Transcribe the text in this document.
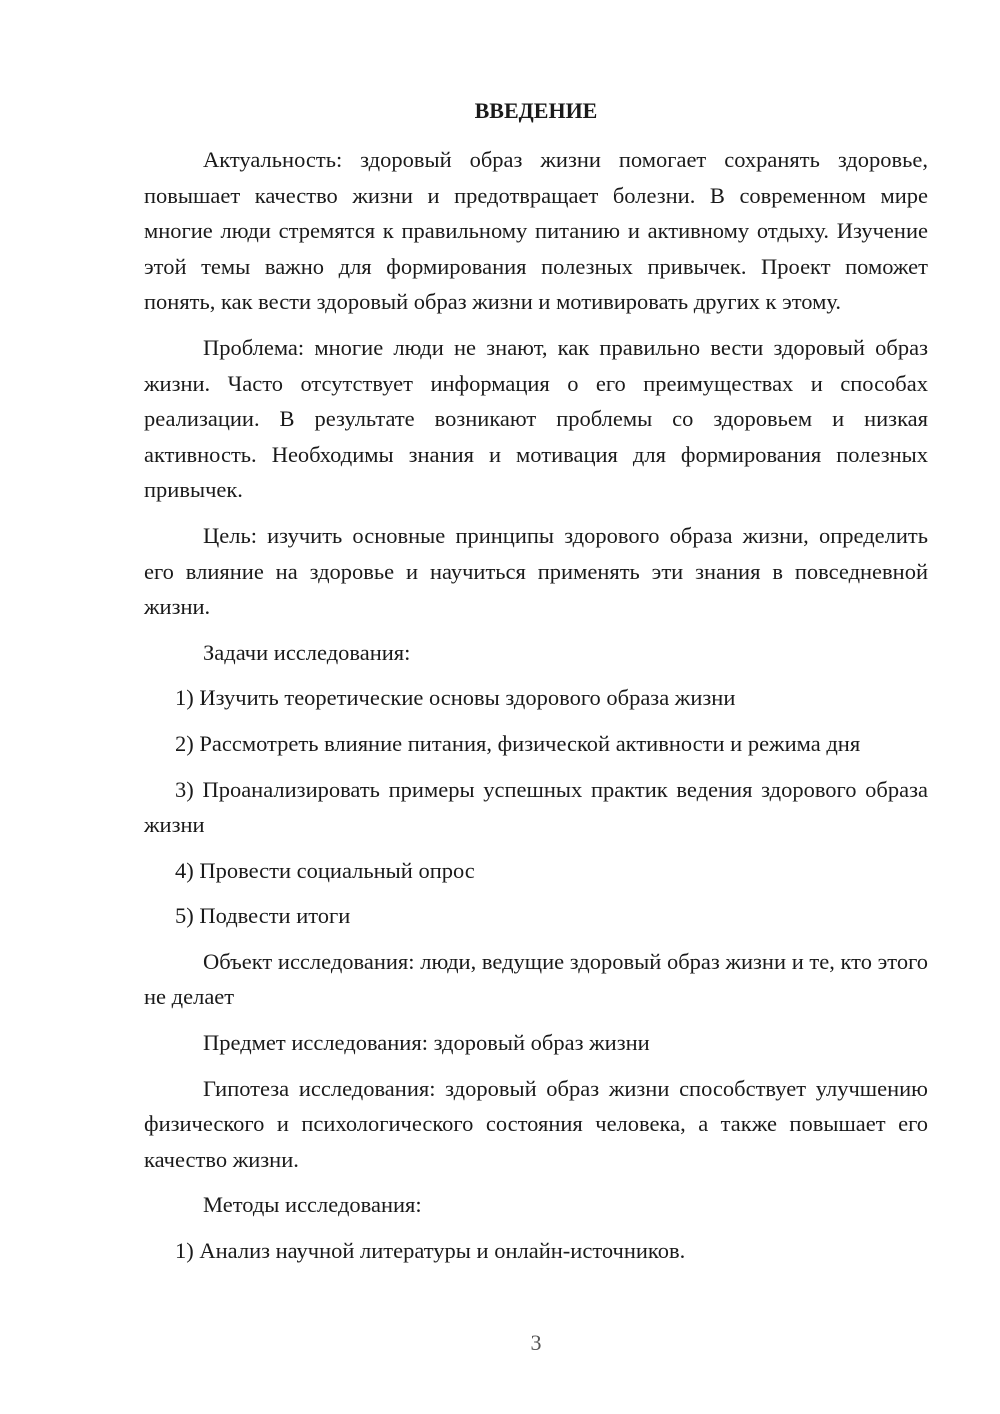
ВВЕДЕНИЕ

Актуальность: здоровый образ жизни помогает сохранять здоровье, повышает качество жизни и предотвращает болезни. В современном мире многие люди стремятся к правильному питанию и активному отдыху. Изучение этой темы важно для формирования полезных привычек. Проект поможет понять, как вести здоровый образ жизни и мотивировать других к этому.

Проблема: многие люди не знают, как правильно вести здоровый образ жизни. Часто отсутствует информация о его преимуществах и способах реализации. В результате возникают проблемы со здоровьем и низкая активность. Необходимы знания и мотивация для формирования полезных привычек.

Цель: изучить основные принципы здорового образа жизни, определить его влияние на здоровье и научиться применять эти знания в повседневной жизни.

Задачи исследования:

1) Изучить теоретические основы здорового образа жизни

2) Рассмотреть влияние питания, физической активности и режима дня

3) Проанализировать примеры успешных практик ведения здорового образа жизни

4) Провести социальный опрос

5) Подвести итоги

Объект исследования: люди, ведущие здоровый образ жизни и те, кто этого не делает

Предмет исследования: здоровый образ жизни

Гипотеза исследования: здоровый образ жизни способствует улучшению физического и психологического состояния человека, а также повышает его качество жизни.

Методы исследования:

1) Анализ научной литературы и онлайн-источников.

3
